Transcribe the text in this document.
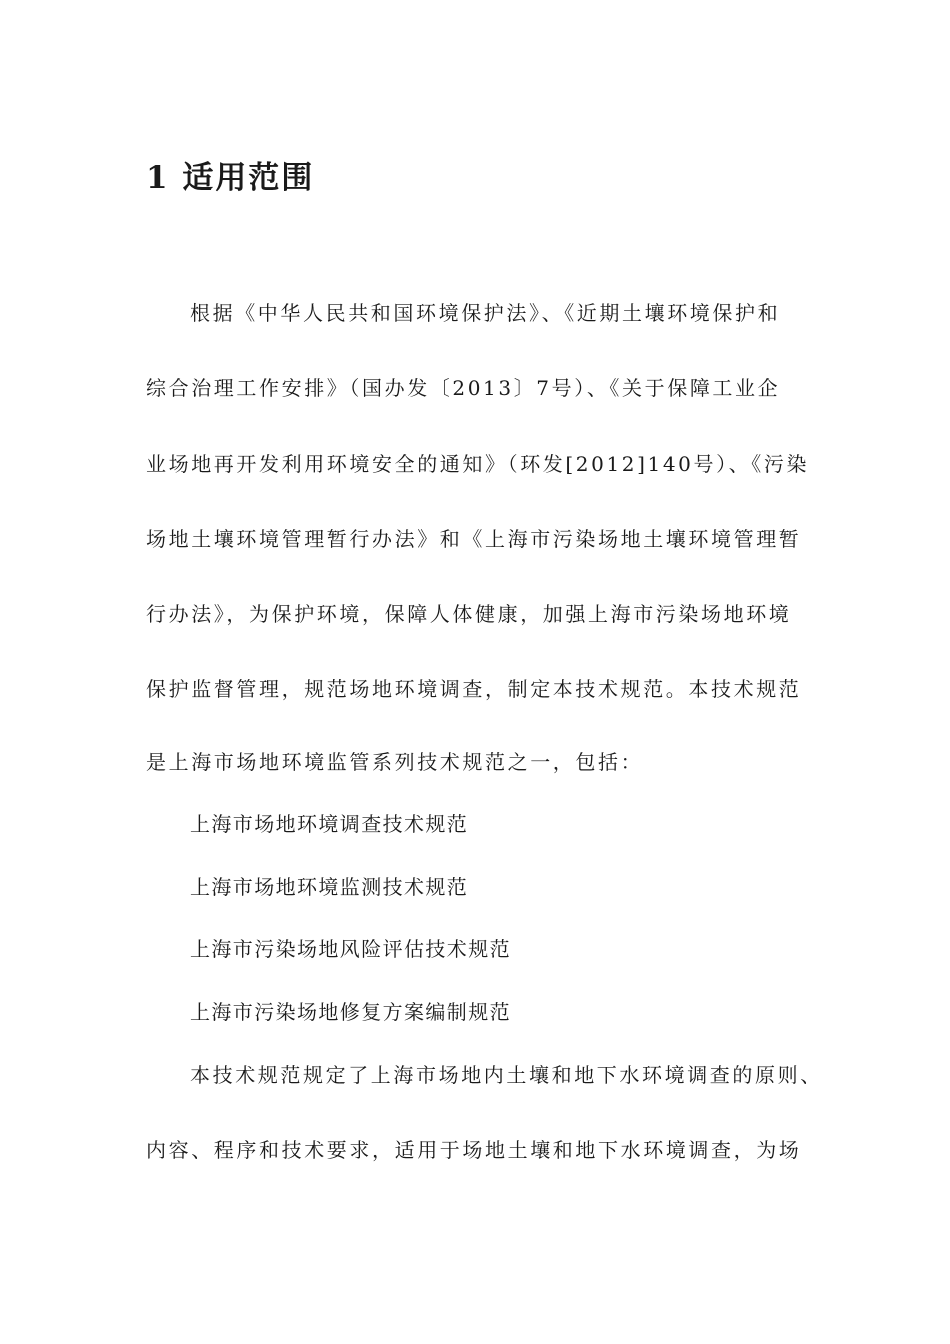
1 适用范围
根据《中华人民共和国环境保护法》、《近期土壤环境保护和
综合治理工作安排》（国办发〔2013〕7号）、《关于保障工业企
业场地再开发利用环境安全的通知》（环发[2012]140号）、《污染
场地土壤环境管理暂行办法》和《上海市污染场地土壤环境管理暂
行办法》，为保护环境，保障人体健康，加强上海市污染场地环境
保护监督管理，规范场地环境调查，制定本技术规范。本技术规范
是上海市场地环境监管系列技术规范之一，包括：
上海市场地环境调查技术规范
上海市场地环境监测技术规范
上海市污染场地风险评估技术规范
上海市污染场地修复方案编制规范
本技术规范规定了上海市场地内土壤和地下水环境调查的原则、
内容、程序和技术要求，适用于场地土壤和地下水环境调查，为场
